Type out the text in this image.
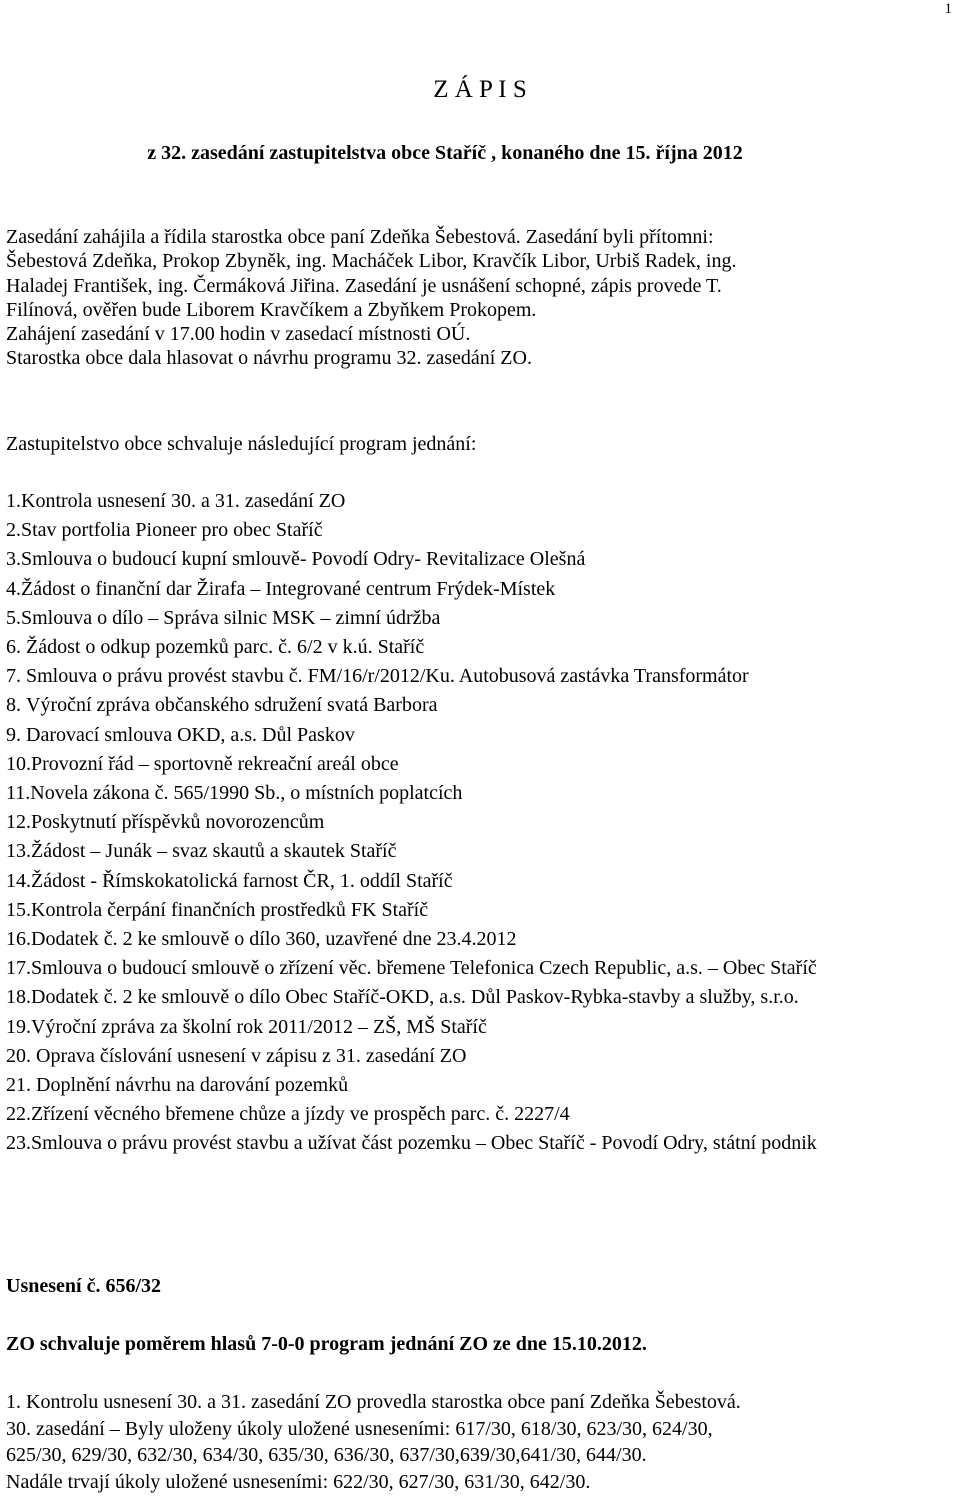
1
Z Á P I S
z 32. zasedání zastupitelstva obce Staříč , konaného dne 15. října 2012
Zasedání zahájila a řídila starostka obce paní Zdeňka Šebestová. Zasedání byli přítomni:
Šebestová Zdeňka, Prokop Zbyněk, ing. Macháček Libor, Kravčík Libor, Urbiš Radek, ing.
Haladej František, ing. Čermáková Jiřina. Zasedání je usnášení schopné, zápis provede T.
Filínová, ověřen bude Liborem Kravčíkem a Zbyňkem Prokopem.
Zahájení zasedání v 17.00 hodin v zasedací místnosti OÚ.
Starostka obce dala hlasovat o návrhu programu 32. zasedání ZO.
Zastupitelstvo obce schvaluje následující program jednání:
1. Kontrola usnesení 30. a 31. zasedání ZO
2. Stav portfolia Pioneer pro obec Staříč
3. Smlouva o budoucí kupní smlouvě- Povodí Odry- Revitalizace Olešná
4. Žádost o finanční dar Žirafa – Integrované centrum Frýdek-Místek
5. Smlouva o dílo – Správa silnic MSK – zimní údržba
6. Žádost o odkup pozemků parc. č. 6/2 v k.ú. Staříč
7. Smlouva o právu provést stavbu č. FM/16/r/2012/Ku. Autobusová zastávka Transformátor
8. Výroční zpráva občanského sdružení svatá Barbora
9. Darovací smlouva OKD, a.s. Důl Paskov
10. Provozní řád – sportovně rekreační areál obce
11. Novela zákona č. 565/1990 Sb., o místních poplatcích
12. Poskytnutí příspěvků novorozencům
13. Žádost – Junák – svaz skautů a skautek Staříč
14. Žádost - Římskokatolická farnost ČR, 1. oddíl Staříč
15. Kontrola čerpání finančních prostředků FK Staříč
16. Dodatek č. 2 ke smlouvě o dílo 360, uzavřené dne 23.4.2012
17. Smlouva o budoucí smlouvě o zřízení věc. břemene Telefonica Czech Republic, a.s. – Obec Staříč
18. Dodatek č. 2 ke smlouvě o dílo Obec Staříč-OKD, a.s. Důl Paskov-Rybka-stavby a služby, s.r.o.
19. Výroční zpráva za školní rok 2011/2012 – ZŠ, MŠ Staříč
20. Oprava číslování usnesení v zápisu z 31. zasedání ZO
21. Doplnění návrhu na darování pozemků
22. Zřízení věcného břemene chůze a jízdy ve prospěch parc. č. 2227/4
23. Smlouva o právu provést stavbu a užívat část pozemku – Obec Staříč - Povodí Odry, státní podnik
Usnesení č. 656/32
ZO schvaluje poměrem hlasů 7-0-0 program jednání ZO ze dne 15.10.2012.
1. Kontrolu usnesení 30. a 31. zasedání ZO provedla starostka obce paní Zdeňka Šebestová.
30. zasedání – Byly uloženy úkoly uložené usneseními: 617/30, 618/30, 623/30, 624/30,
625/30, 629/30, 632/30, 634/30, 635/30, 636/30, 637/30,639/30,641/30, 644/30.
Nadále trvají úkoly uložené usneseními: 622/30, 627/30, 631/30, 642/30.
